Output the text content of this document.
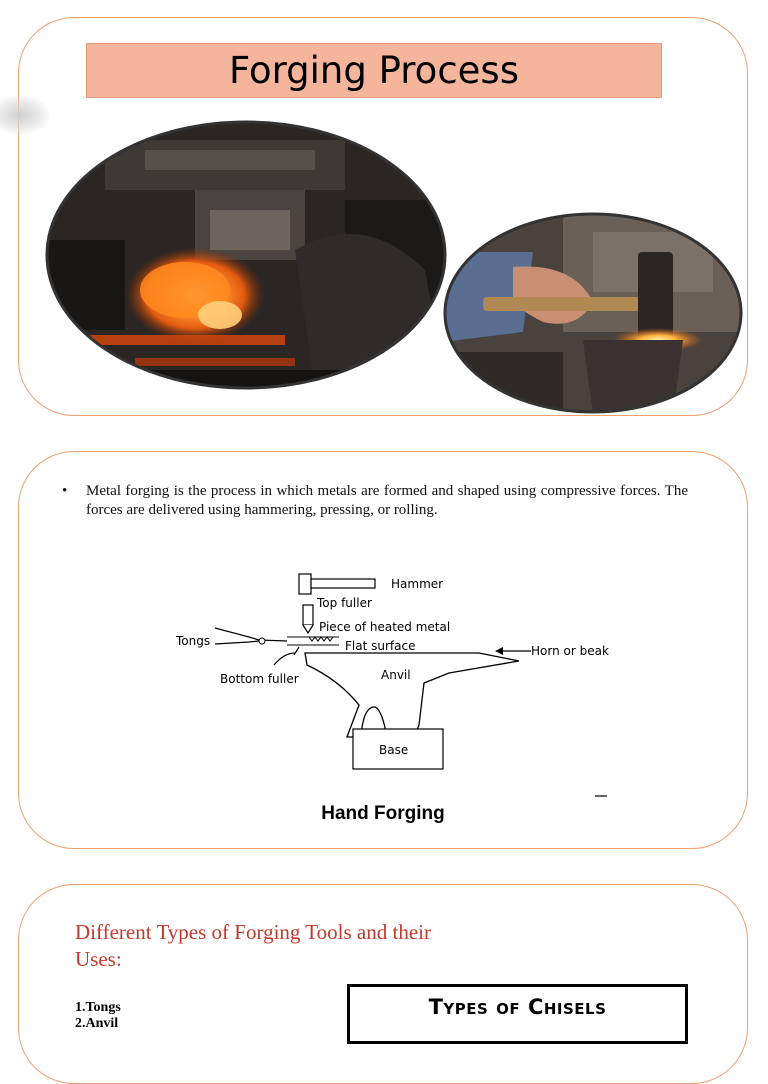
Forging Process
•	Metal forging is the process in which metals are formed and shaped using compressive forces. The forces are delivered using hammering, pressing, or rolling.
Hammer
Top fuller
Piece of heated metal
Flat surface
Tongs
Anvil
Bottom fuller
Horn or beak
Base
Hand Forging
Different Types of Forging Tools and their Uses:
1.Tongs
2.Anvil
Types of Chisels
